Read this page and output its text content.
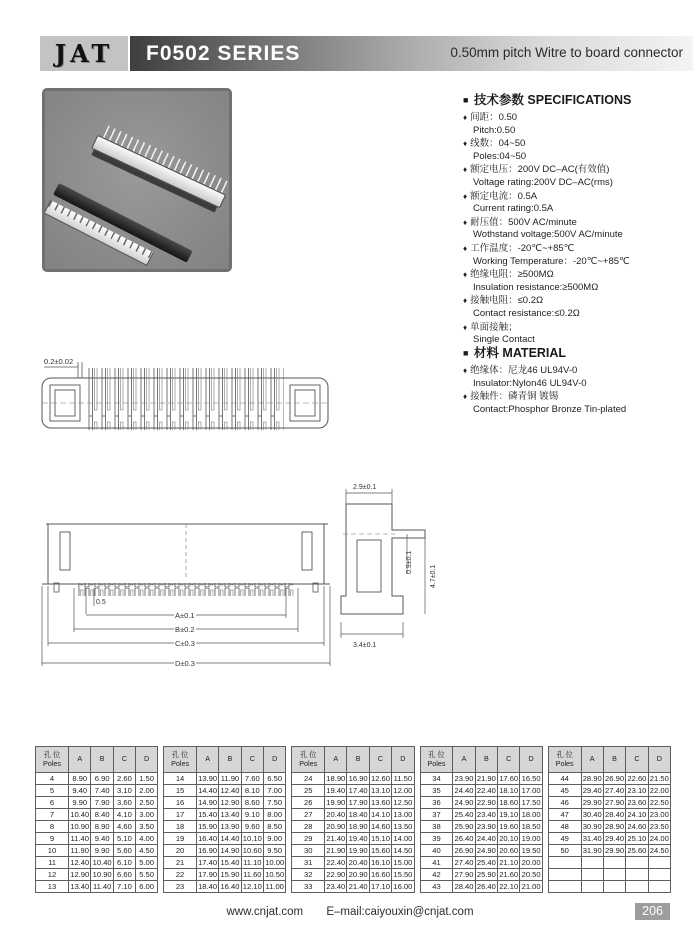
JAT	F0502 SERIES	0.50mm pitch Witre to board connector
■ 技术参数 SPECIFICATIONS
♦ 间距：0.50
Pitch:0.50
♦ 线数：04~50
Poles:04~50
♦ 额定电压：200V DC–AC(有效值)
Voltage rating:200V DC–AC(rms)
♦ 额定电流：0.5A
Current rating:0.5A
♦ 耐压值：500V AC/minute
Wothstand voltage:500V AC/minute
♦ 工作温度：-20℃~+85℃
Working Temperature：-20℃~+85℃
♦ 绝缘电阻：≥500MΩ
Insulation resistance:≥500MΩ
♦ 接触电阻：≤0.2Ω
Contact resistance:≤0.2Ω
♦ 单面接触；
Single Contact
■ 材料 MATERIAL
♦ 绝缘体：尼龙46 UL94V-0
Insulator:Nylon46 UL94V-0
♦ 接触件：磷青铜 镀锡
Contact:Phosphor Bronze Tin-plated
0.2±0.02
0.5
A±0.1
B±0.2
C±0.3
D±0.3
2.9±0.1
0.9±0.1
4.7±0.1
3.4±0.1
孔 位
Poles	A	B	C	D
4	8.90	6.90	2.60	1.50
5	9.40	7.40	3.10	2.00
6	9.90	7.90	3.60	2.50
7	10.40	8.40	4.10	3.00
8	10.90	8.90	4.60	3.50
9	11.40	9.40	5.10	4.00
10	11.90	9.90	5.60	4.50
11	12.40	10.40	6.10	5.00
12	12.90	10.90	6.60	5.50
13	13.40	11.40	7.10	6.00
孔 位
Poles	A	B	C	D
14	13.90	11.90	7.60	6.50
15	14.40	12.40	8.10	7.00
16	14.90	12.90	8.60	7.50
17	15.40	13.40	9.10	8.00
18	15.90	13.90	9.60	8.50
19	16.40	14.40	10.10	9.00
20	16.90	14.90	10.60	9.50
21	17.40	15.40	11.10	10.00
22	17.90	15.90	11.60	10.50
23	18.40	16.40	12.10	11.00
孔 位
Poles	A	B	C	D
24	18.90	16.90	12.60	11.50
25	19.40	17.40	13.10	12.00
26	19.90	17.90	13.60	12.50
27	20.40	18.40	14.10	13.00
28	20.90	18.90	14.60	13.50
29	21.40	19.40	15.10	14.00
30	21.90	19.90	15.60	14.50
31	22.40	20.40	16.10	15.00
32	22.90	20.90	16.60	15.50
33	23.40	21.40	17.10	16.00
孔 位
Poles	A	B	C	D
34	23.90	21.90	17.60	16.50
35	24.40	22.40	18.10	17.00
36	24.90	22.90	18.60	17.50
37	25.40	23.40	19.10	18.00
38	25.90	23.90	19.60	18.50
39	26.40	24.40	20.10	19.00
40	26.90	24.90	20.60	19.50
41	27.40	25.40	21.10	20.00
42	27.90	25.90	21.60	20.50
43	28.40	26.40	22.10	21.00
孔 位
Poles	A	B	C	D
44	28.90	26.90	22.60	21.50
45	29.40	27.40	23.10	22.00
46	29.90	27.90	23.60	22.50
47	30.40	28.40	24.10	23.00
48	30.90	28.90	24.60	23.50
49	31.40	29.40	25.10	24.00
50	31.90	29.90	25.60	24.50

www.cnjat.com E–mail:caiyouxin@cnjat.com	206
